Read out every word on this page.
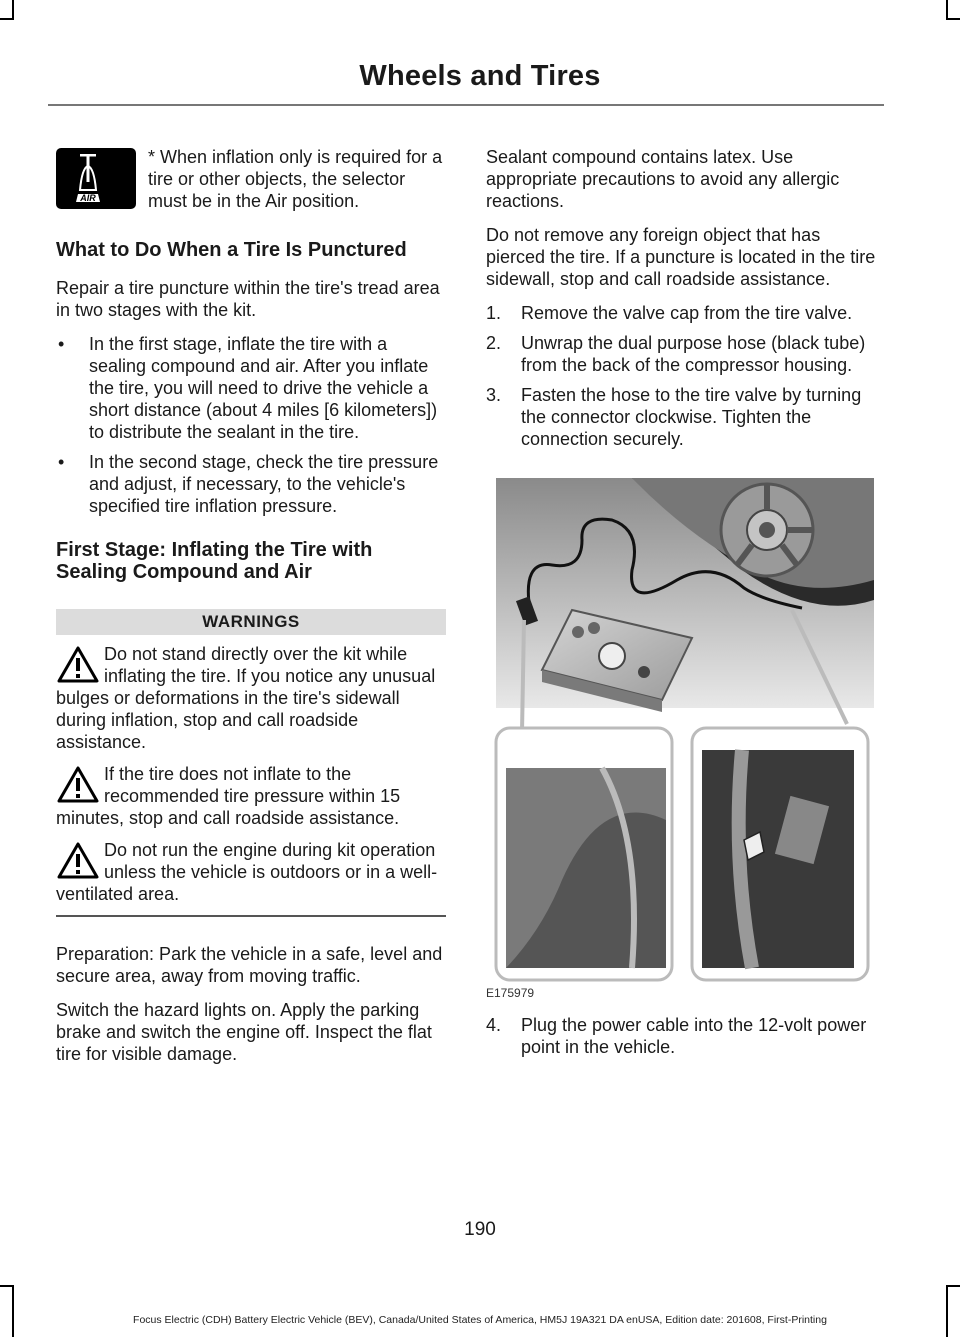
Wheels and Tires
AIR
* When inflation only is required for a tire or other objects, the selector must be in the Air position.
What to Do When a Tire Is Punctured

Repair a tire puncture within the tire's tread area in two stages with the kit.

• In the first stage, inflate the tire with a sealing compound and air. After you inflate the tire, you will need to drive the vehicle a short distance (about 4 miles [6 kilometers]) to distribute the sealant in the tire.
• In the second stage, check the tire pressure and adjust, if necessary, to the vehicle's specified tire inflation pressure.
First Stage: Inflating the Tire with Sealing Compound and Air
WARNINGS
Do not stand directly over the kit while inflating the tire. If you notice any unusual bulges or deformations in the tire's sidewall during inflation, stop and call roadside assistance.
If the tire does not inflate to the recommended tire pressure within 15 minutes, stop and call roadside assistance.
Do not run the engine during kit operation unless the vehicle is outdoors or in a well-ventilated area.

Preparation: Park the vehicle in a safe, level and secure area, away from moving traffic.

Switch the hazard lights on. Apply the parking brake and switch the engine off. Inspect the flat tire for visible damage.

Sealant compound contains latex. Use appropriate precautions to avoid any allergic reactions.

Do not remove any foreign object that has pierced the tire. If a puncture is located in the tire sidewall, stop and call roadside assistance.

1. Remove the valve cap from the tire valve.
2. Unwrap the dual purpose hose (black tube) from the back of the compressor housing.
3. Fasten the hose to the tire valve by turning the connector clockwise. Tighten the connection securely.
E175979
4. Plug the power cable into the 12-volt power point in the vehicle.
190
Focus Electric (CDH) Battery Electric Vehicle (BEV), Canada/United States of America, HM5J 19A321 DA enUSA, Edition date: 201608, First-Printing
